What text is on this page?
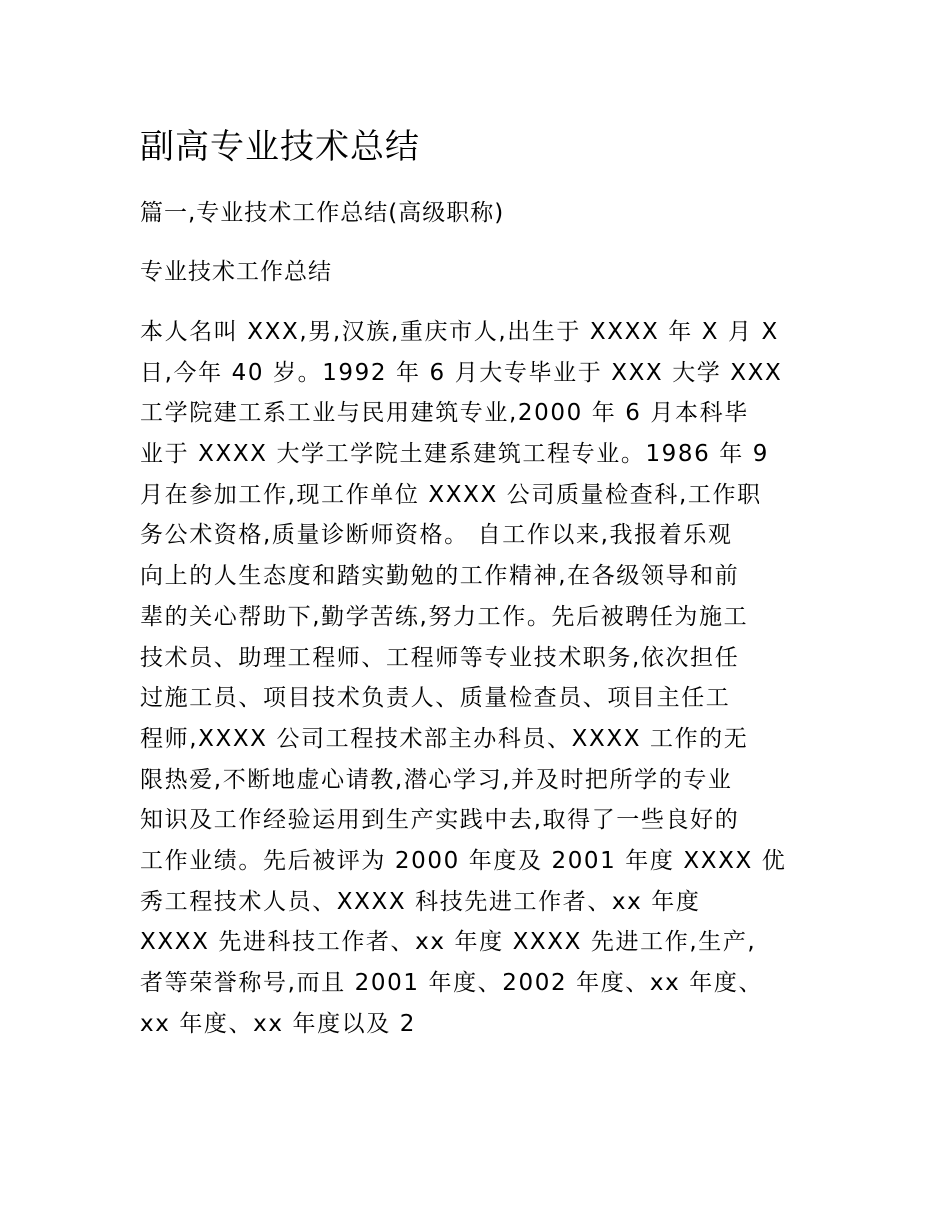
副高专业技术总结
篇一,专业技术工作总结(高级职称)
专业技术工作总结
本人名叫 XXX,男,汉族,重庆市人,出生于 XXXX 年 X 月 X
日,今年 40 岁。1992 年 6 月大专毕业于 XXX 大学 XXX
工学院建工系工业与民用建筑专业,2000 年 6 月本科毕
业于 XXXX 大学工学院土建系建筑工程专业。1986 年 9
月在参加工作,现工作单位 XXXX 公司质量检查科,工作职
务公术资格,质量诊断师资格。 自工作以来,我报着乐观
向上的人生态度和踏实勤勉的工作精神,在各级领导和前
辈的关心帮助下,勤学苦练,努力工作。先后被聘任为施工
技术员、助理工程师、工程师等专业技术职务,依次担任
过施工员、项目技术负责人、质量检查员、项目主任工
程师,XXXX 公司工程技术部主办科员、XXXX 工作的无
限热爱,不断地虚心请教,潜心学习,并及时把所学的专业
知识及工作经验运用到生产实践中去,取得了一些良好的
工作业绩。先后被评为 2000 年度及 2001 年度 XXXX 优
秀工程技术人员、XXXX 科技先进工作者、xx 年度
XXXX 先进科技工作者、xx 年度 XXXX 先进工作,生产,
者等荣誉称号,而且 2001 年度、2002 年度、xx 年度、
xx 年度、xx 年度以及 2
